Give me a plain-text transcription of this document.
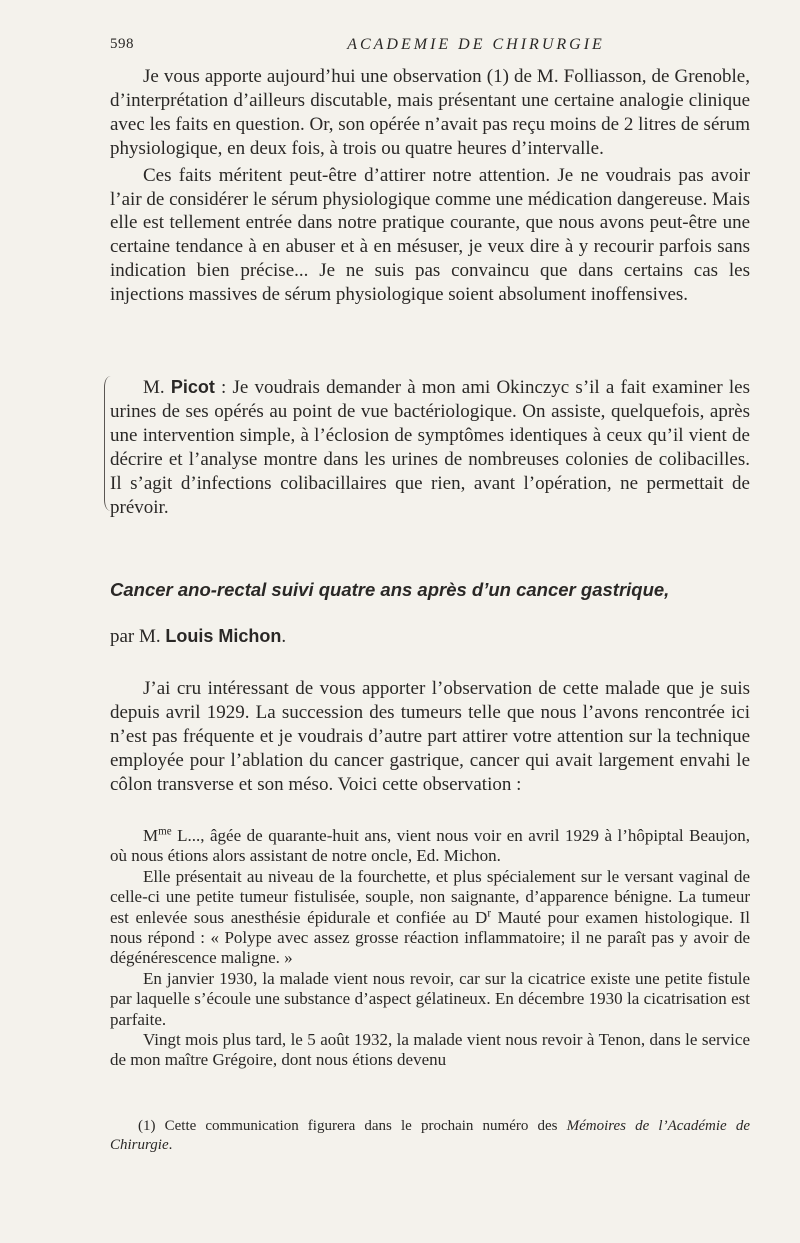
598	ACADEMIE DE CHIRURGIE

Je vous apporte aujourd’hui une observation (1) de M. Folliasson, de Grenoble, d’interprétation d’ailleurs discutable, mais présentant une certaine analogie clinique avec les faits en question. Or, son opérée n’avait pas reçu moins de 2 litres de sérum physiologique, en deux fois, à trois ou quatre heures d’intervalle.

Ces faits méritent peut-être d’attirer notre attention. Je ne voudrais pas avoir l’air de considérer le sérum physiologique comme une médication dangereuse. Mais elle est tellement entrée dans notre pratique courante, que nous avons peut-être une certaine tendance à en abuser et à en mésuser, je veux dire à y recourir parfois sans indication bien précise... Je ne suis pas convaincu que dans certains cas les injections massives de sérum physiologique soient absolument inoffensives.

M. Picot : Je voudrais demander à mon ami Okinczyc s’il a fait examiner les urines de ses opérés au point de vue bactériologique. On assiste, quelquefois, après une intervention simple, à l’éclosion de symptômes identiques à ceux qu’il vient de décrire et l’analyse montre dans les urines de nombreuses colonies de colibacilles. Il s’agit d’infections colibacillaires que rien, avant l’opération, ne permettait de prévoir.

Cancer ano-rectal suivi quatre ans après d’un cancer gastrique,

par M. Louis Michon.

J’ai cru intéressant de vous apporter l’observation de cette malade que je suis depuis avril 1929. La succession des tumeurs telle que nous l’avons rencontrée ici n’est pas fréquente et je voudrais d’autre part attirer votre attention sur la technique employée pour l’ablation du cancer gastrique, cancer qui avait largement envahi le côlon transverse et son méso. Voici cette observation :

$M^{me}$ L..., âgée de quarante-huit ans, vient nous voir en avril 1929 à l’hôpiptal Beaujon, où nous étions alors assistant de notre oncle, Ed. Michon.

Elle présentait au niveau de la fourchette, et plus spécialement sur le versant vaginal de celle-ci une petite tumeur fistulisée, souple, non saignante, d’apparence bénigne. La tumeur est enlevée sous anesthésie épidurale et confiée au $D^r$ Mauté pour examen histologique. Il nous répond : « Polype avec assez grosse réaction inflammatoire; il ne paraît pas y avoir de dégénérescence maligne. »

En janvier 1930, la malade vient nous revoir, car sur la cicatrice existe une petite fistule par laquelle s’écoule une substance d’aspect gélatineux. En décembre 1930 la cicatrisation est parfaite.

Vingt mois plus tard, le 5 août 1932, la malade vient nous revoir à Tenon, dans le service de mon maître Grégoire, dont nous étions devenu

(1) Cette communication figurera dans le prochain numéro des Mémoires de l’Académie de Chirurgie.
